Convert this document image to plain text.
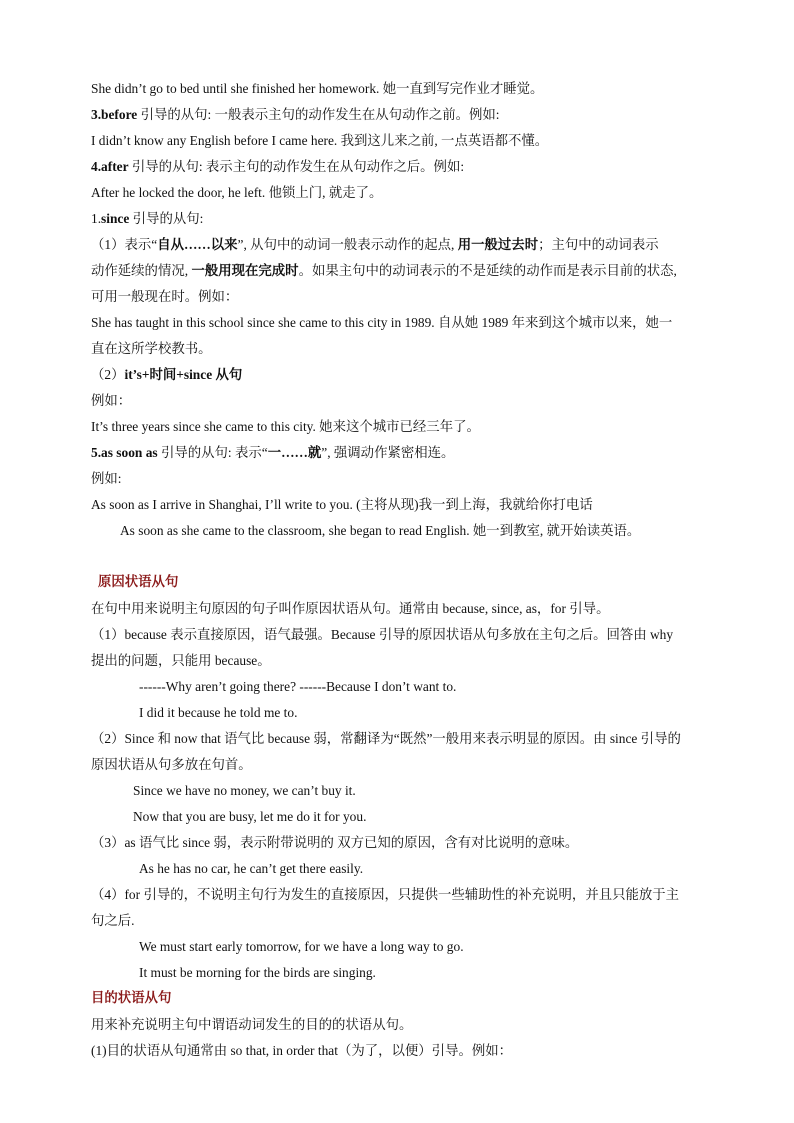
She didn’t go to bed until she finished her homework. 她一直到写完作业才睡觉。
3.before 引导的从句: 一般表示主句的动作发生在从句动作之前。例如:
I didn’t know any English before I came here. 我到这儿来之前, 一点英语都不懂。
4.after 引导的从句: 表示主句的动作发生在从句动作之后。例如:
After he locked the door, he left. 他锁上门, 就走了。
1.since 引导的从句:
（1）表示“自从……以来”, 从句中的动词一般表示动作的起点, 用一般过去时；主句中的动词表示
动作延续的情况, 一般用现在完成时。如果主句中的动词表示的不是延续的动作而是表示目前的状态,
可用一般现在时。例如：
She has taught in this school since she came to this city in 1989. 自从她 1989 年来到这个城市以来，她一
直在这所学校教书。
（2）it’s+时间+since 从句
例如：
It’s three years since she came to this city. 她来这个城市已经三年了。
5.as soon as 引导的从句: 表示“一……就”, 强调动作紧密相连。
例如:
As soon as I arrive in Shanghai, I’ll write to you. (主将从现)我一到上海，我就给你打电话
As soon as she came to the classroom, she began to read English. 她一到教室, 就开始读英语。
原因状语从句
在句中用来说明主句原因的句子叫作原因状语从句。通常由 because, since, as，for 引导。
（1）because 表示直接原因，语气最强。Because 引导的原因状语从句多放在主句之后。回答由 why
提出的问题，只能用 because。
------Why aren’t going there? ------Because I don’t want to.
I did it because he told me to.
（2）Since 和 now that 语气比 because 弱，常翻译为“既然”一般用来表示明显的原因。由 since 引导的
原因状语从句多放在句首。
Since we have no money, we can’t buy it.
Now that you are busy, let me do it for you.
（3）as 语气比 since 弱，表示附带说明的 双方已知的原因，含有对比说明的意味。
As he has no car, he can’t get there easily.
（4）for 引导的，不说明主句行为发生的直接原因，只提供一些辅助性的补充说明，并且只能放于主
句之后.
We must start early tomorrow, for we have a long way to go.
It must be morning for the birds are singing.
目的状语从句
用来补充说明主句中谓语动词发生的目的的状语从句。
(1)目的状语从句通常由 so that, in order that（为了，以便）引导。例如：
